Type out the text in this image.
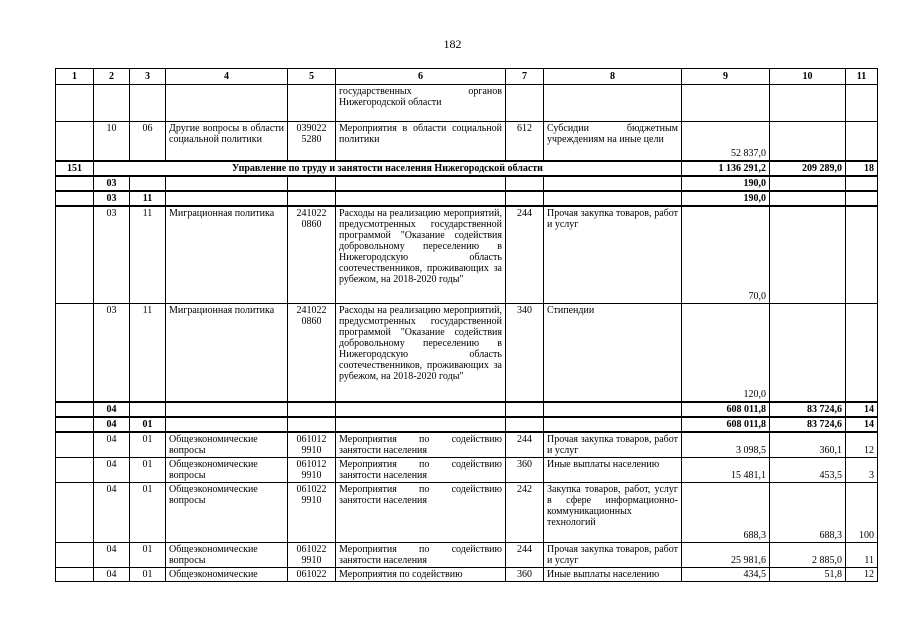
182
1	2	3	4	5	6	7	8	9	10	11
					государственных органов Нижегородской области					
	10	06	Другие вопросы в области социальной политики	039022 5280	Мероприятия в области социальной политики	612	Субсидии бюджетным учреждениям на иные цели	52 837,0		
151	Управление по труду и занятости населения Нижегородской области							1 136 291,2	209 289,0	18
	03							190,0		
	03	11						190,0		
	03	11	Миграционная политика	241022 0860	Расходы на реализацию мероприятий, предусмотренных государственной программой "Оказание содействия добровольному переселению в Нижегородскую область соотечественников, проживающих за рубежом, на 2018-2020 годы"	244	Прочая закупка товаров, работ и услуг	70,0		
	03	11	Миграционная политика	241022 0860	Расходы на реализацию мероприятий, предусмотренных государственной программой "Оказание содействия добровольному переселению в Нижегородскую область соотечественников, проживающих за рубежом, на 2018-2020 годы"	340	Стипендии	120,0		
	04							608 011,8	83 724,6	14
	04	01						608 011,8	83 724,6	14
	04	01	Общеэкономические вопросы	061012 9910	Мероприятия по содействию занятости населения	244	Прочая закупка товаров, работ и услуг	3 098,5	360,1	12
	04	01	Общеэкономические вопросы	061012 9910	Мероприятия по содействию занятости населения	360	Иные выплаты населению	15 481,1	453,5	3
	04	01	Общеэкономические вопросы	061022 9910	Мероприятия по содействию занятости населения	242	Закупка товаров, работ, услуг в сфере информационно-коммуникационных технологий	688,3	688,3	100
	04	01	Общеэкономические вопросы	061022 9910	Мероприятия по содействию занятости населения	244	Прочая закупка товаров, работ и услуг	25 981,6	2 885,0	11
	04	01	Общеэкономические	061022	Мероприятия по содействию	360	Иные выплаты населению	434,5	51,8	12
